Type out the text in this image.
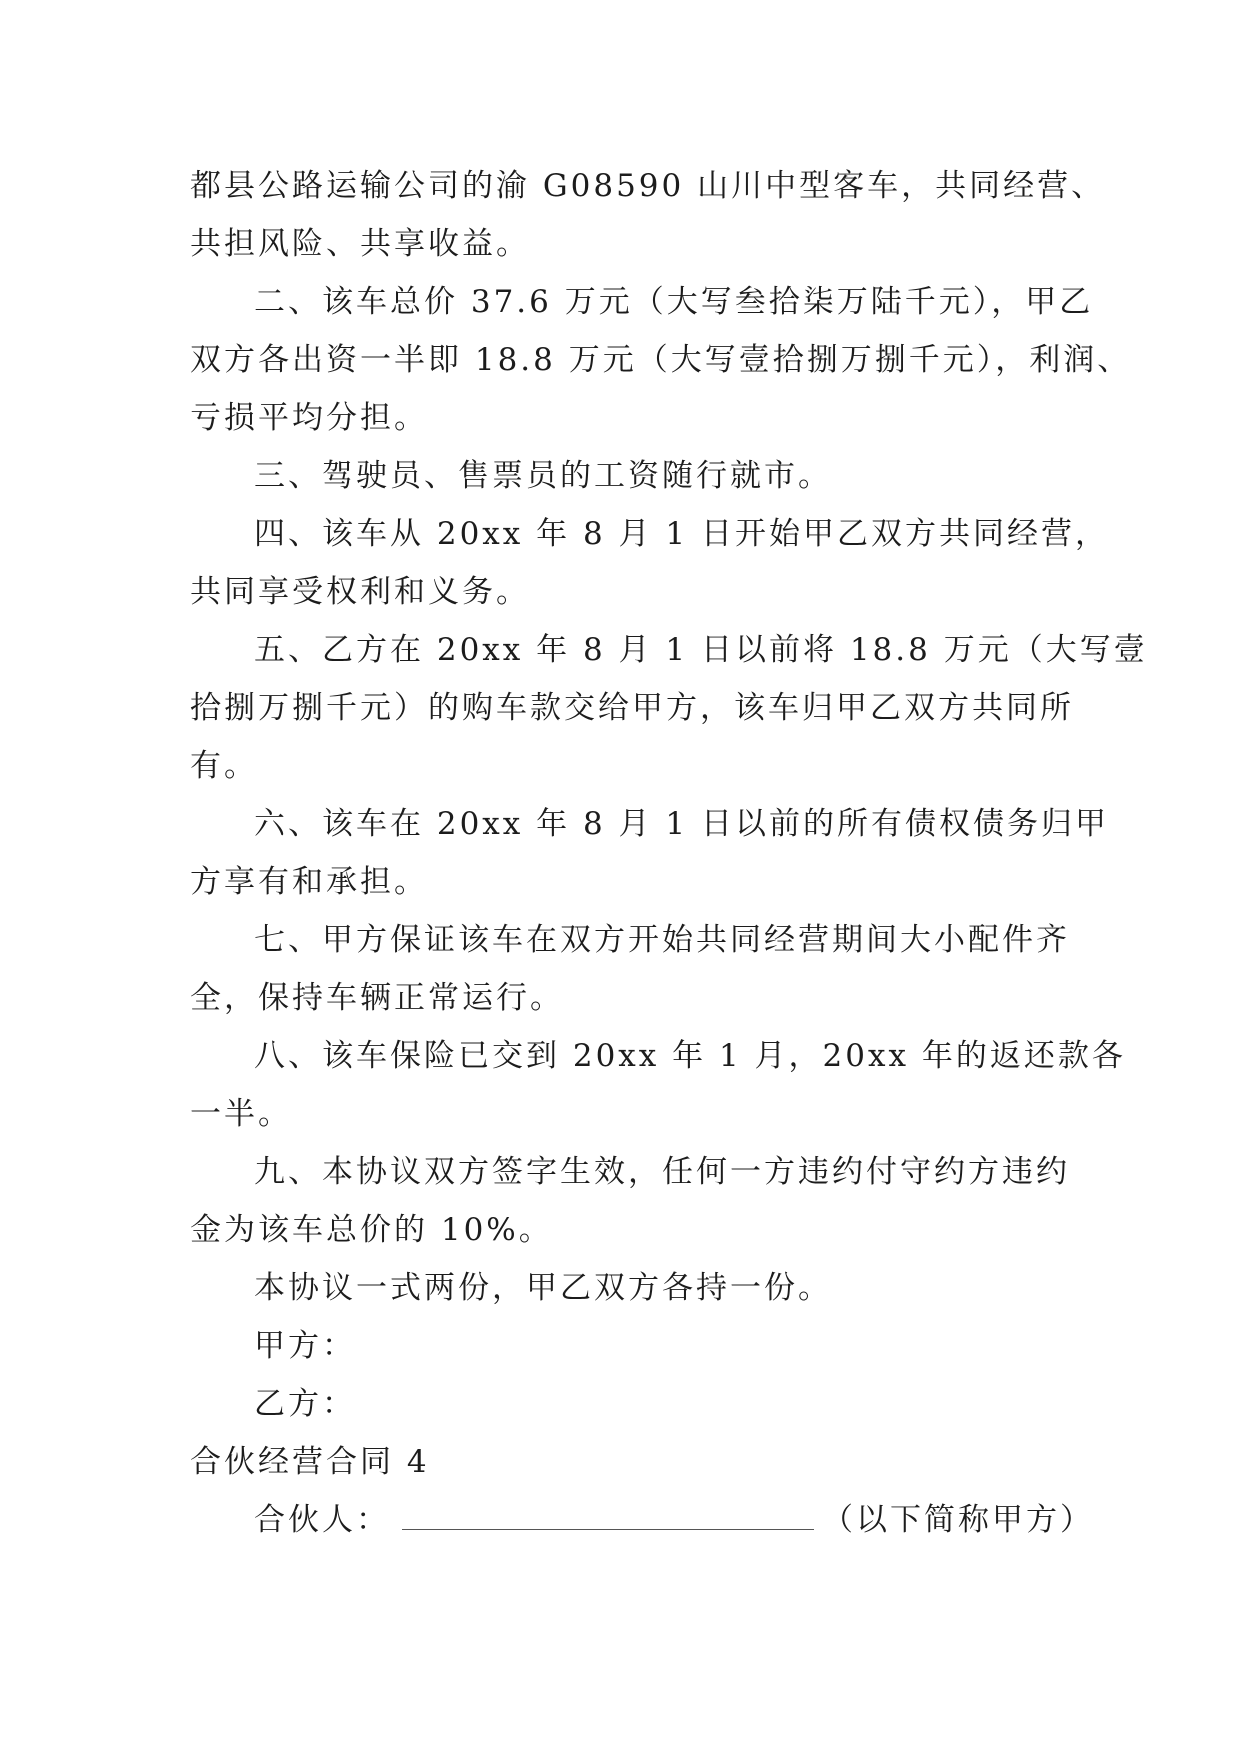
都县公路运输公司的渝 G08590 山川中型客车，共同经营、
共担风险、共享收益。
二、该车总价 37.6 万元（大写叁拾柒万陆千元），甲乙
双方各出资一半即 18.8 万元（大写壹拾捌万捌千元），利润、
亏损平均分担。
三、驾驶员、售票员的工资随行就市。
四、该车从 20xx 年 8 月 1 日开始甲乙双方共同经营，
共同享受权利和义务。
五、乙方在 20xx 年 8 月 1 日以前将 18.8 万元（大写壹
拾捌万捌千元）的购车款交给甲方，该车归甲乙双方共同所
有。
六、该车在 20xx 年 8 月 1 日以前的所有债权债务归甲
方享有和承担。
七、甲方保证该车在双方开始共同经营期间大小配件齐
全，保持车辆正常运行。
八、该车保险已交到 20xx 年 1 月，20xx 年的返还款各
一半。
九、本协议双方签字生效，任何一方违约付守约方违约
金为该车总价的 10%。
本协议一式两份，甲乙双方各持一份。
甲方：
乙方：
合伙经营合同 4
合伙人：	（以下简称甲方）
